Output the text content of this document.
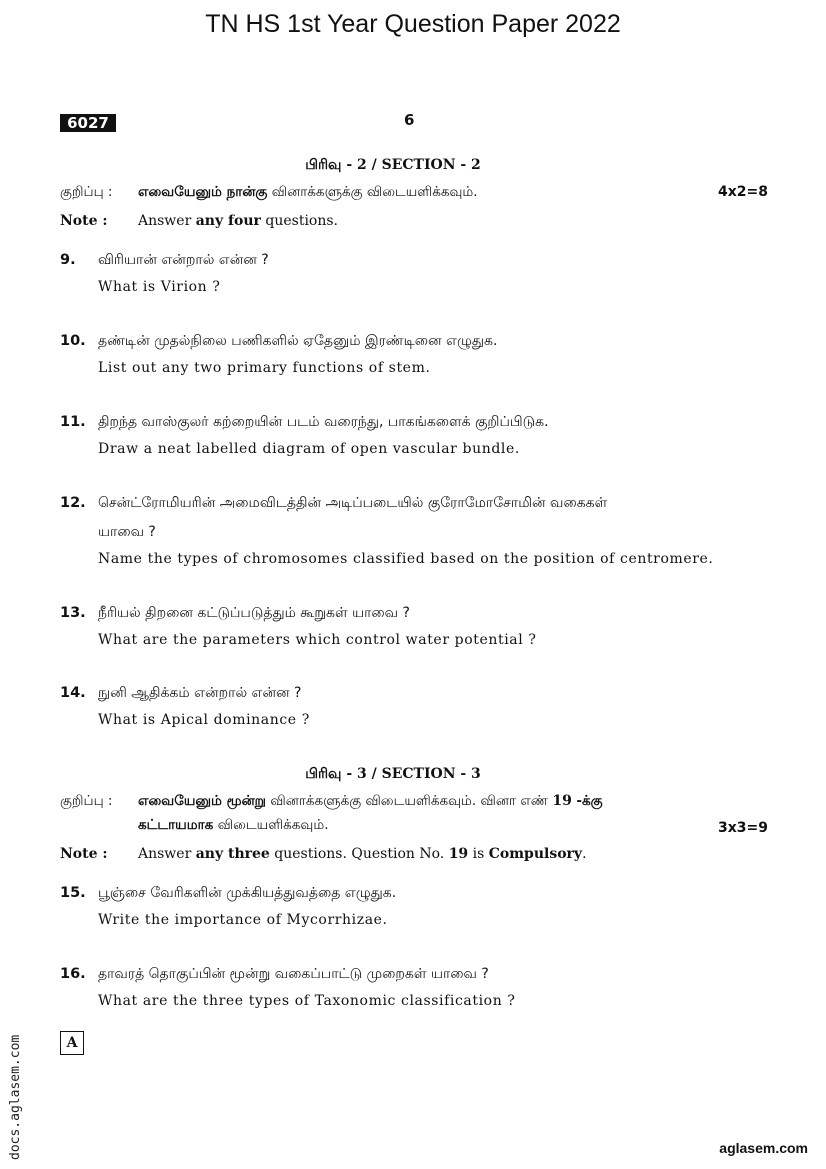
TN HS 1st Year Question Paper 2022
6027	6
பிரிவு - 2 / SECTION - 2
குறிப்பு : எவையேனும் நான்கு வினாக்களுக்கு விடையளிக்கவும்.	4x2=8
Note : Answer any four questions.
9. விரியான் என்றால் என்ன ?
What is Virion ?
10. தண்டின் முதல்நிலை பணிகளில் ஏதேனும் இரண்டினை எழுதுக.
List out any two primary functions of stem.
11. திறந்த வாஸ்குலர் கற்றையின் படம் வரைந்து, பாகங்களைக் குறிப்பிடுக.
Draw a neat labelled diagram of open vascular bundle.
12. சென்ட்ரோமியரின் அமைவிடத்தின் அடிப்படையில் குரோமோசோமின் வகைகள்
யாவை ?
Name the types of chromosomes classified based on the position of centromere.
13. நீரியல் திறனை கட்டுப்படுத்தும் கூறுகள் யாவை ?
What are the parameters which control water potential ?
14. நுனி ஆதிக்கம் என்றால் என்ன ?
What is Apical dominance ?
பிரிவு - 3 / SECTION - 3
குறிப்பு : எவையேனும் மூன்று வினாக்களுக்கு விடையளிக்கவும். வினா எண் 19 -க்கு
கட்டாயமாக விடையளிக்கவும்.	3x3=9
Note : Answer any three questions. Question No. 19 is Compulsory.
15. பூஞ்சை வேரிகளின் முக்கியத்துவத்தை எழுதுக.
Write the importance of Mycorrhizae.
16. தாவரத் தொகுப்பின் மூன்று வகைப்பாட்டு முறைகள் யாவை ?
What are the three types of Taxonomic classification ?
A
docs.aglasem.com	aglasem.com
